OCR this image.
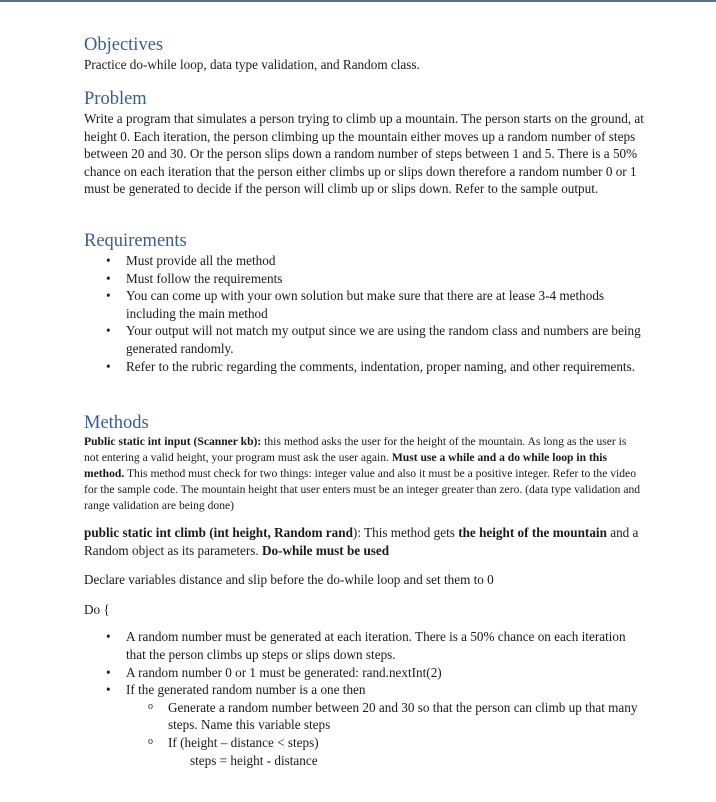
Objectives

Practice do-while loop, data type validation, and Random class.

Problem

Write a program that simulates a person trying to climb up a mountain. The person starts on the ground, at height 0. Each iteration, the person climbing up the mountain either moves up a random number of steps between 20 and 30. Or the person slips down a random number of steps between 1 and 5. There is a 50% chance on each iteration that the person either climbs up or slips down therefore a random number 0 or 1 must be generated to decide if the person will climb up or slips down. Refer to the sample output.

Requirements
• Must provide all the method
• Must follow the requirements
• You can come up with your own solution but make sure that there are at lease 3-4 methods including the main method
• Your output will not match my output since we are using the random class and numbers are being generated randomly.
• Refer to the rubric regarding the comments, indentation, proper naming, and other requirements.
Methods

Public static int input (Scanner kb): this method asks the user for the height of the mountain. As long as the user is not entering a valid height, your program must ask the user again. Must use a while and a do while loop in this method. This method must check for two things: integer value and also it must be a positive integer. Refer to the video for the sample code. The mountain height that user enters must be an integer greater than zero. (data type validation and range validation are being done)

public static int climb (int height, Random rand): This method gets the height of the mountain and a Random object as its parameters. Do-while must be used

Declare variables distance and slip before the do-while loop and set them to 0

Do {

• A random number must be generated at each iteration. There is a 50% chance on each iteration that the person climbs up steps or slips down steps.
• A random number 0 or 1 must be generated: rand.nextInt(2)
• If the generated random number is a one then
o Generate a random number between 20 and 30 so that the person can climb up that many steps. Name this variable steps
o If (height – distance < steps)
steps = height - distance
